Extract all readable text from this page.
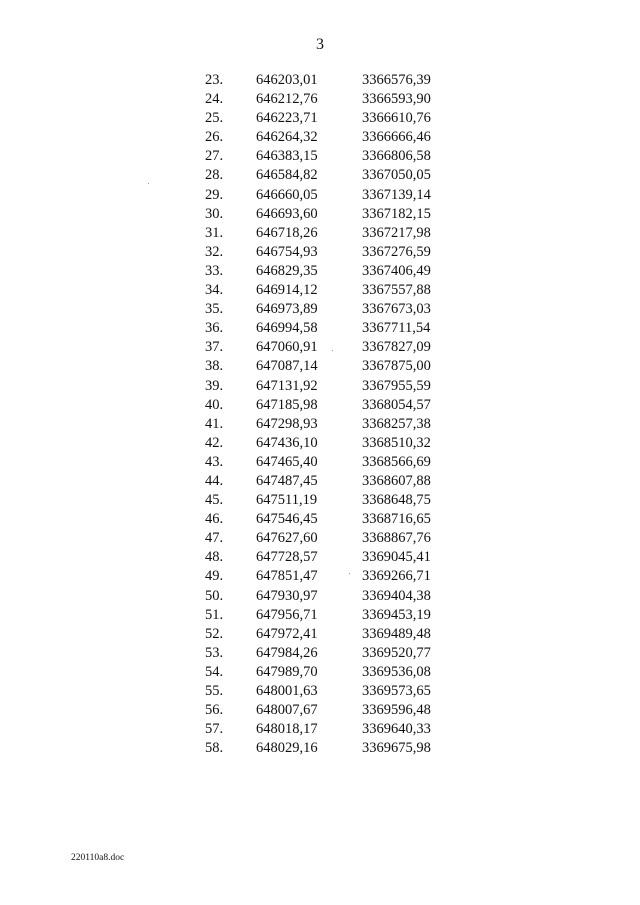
3
23. 646203,01	3366576,39
24. 646212,76	3366593,90
25. 646223,71	3366610,76
26. 646264,32	3366666,46
27. 646383,15	3366806,58
28. 646584,82	3367050,05
29. 646660,05	3367139,14
30. 646693,60	3367182,15
31. 646718,26	3367217,98
32. 646754,93	3367276,59
33. 646829,35	3367406,49
34. 646914,12	3367557,88
35. 646973,89	3367673,03
36. 646994,58	3367711,54
37. 647060,91	3367827,09
38. 647087,14	3367875,00
39. 647131,92	3367955,59
40. 647185,98	3368054,57
41. 647298,93	3368257,38
42. 647436,10	3368510,32
43. 647465,40	3368566,69
44. 647487,45	3368607,88
45. 647511,19	3368648,75
46. 647546,45	3368716,65
47. 647627,60	3368867,76
48. 647728,57	3369045,41
49. 647851,47	3369266,71
50. 647930,97	3369404,38
51. 647956,71	3369453,19
52. 647972,41	3369489,48
53. 647984,26	3369520,77
54. 647989,70	3369536,08
55. 648001,63	3369573,65
56. 648007,67	3369596,48
57. 648018,17	3369640,33
58. 648029,16	3369675,98
220110a8.doc
